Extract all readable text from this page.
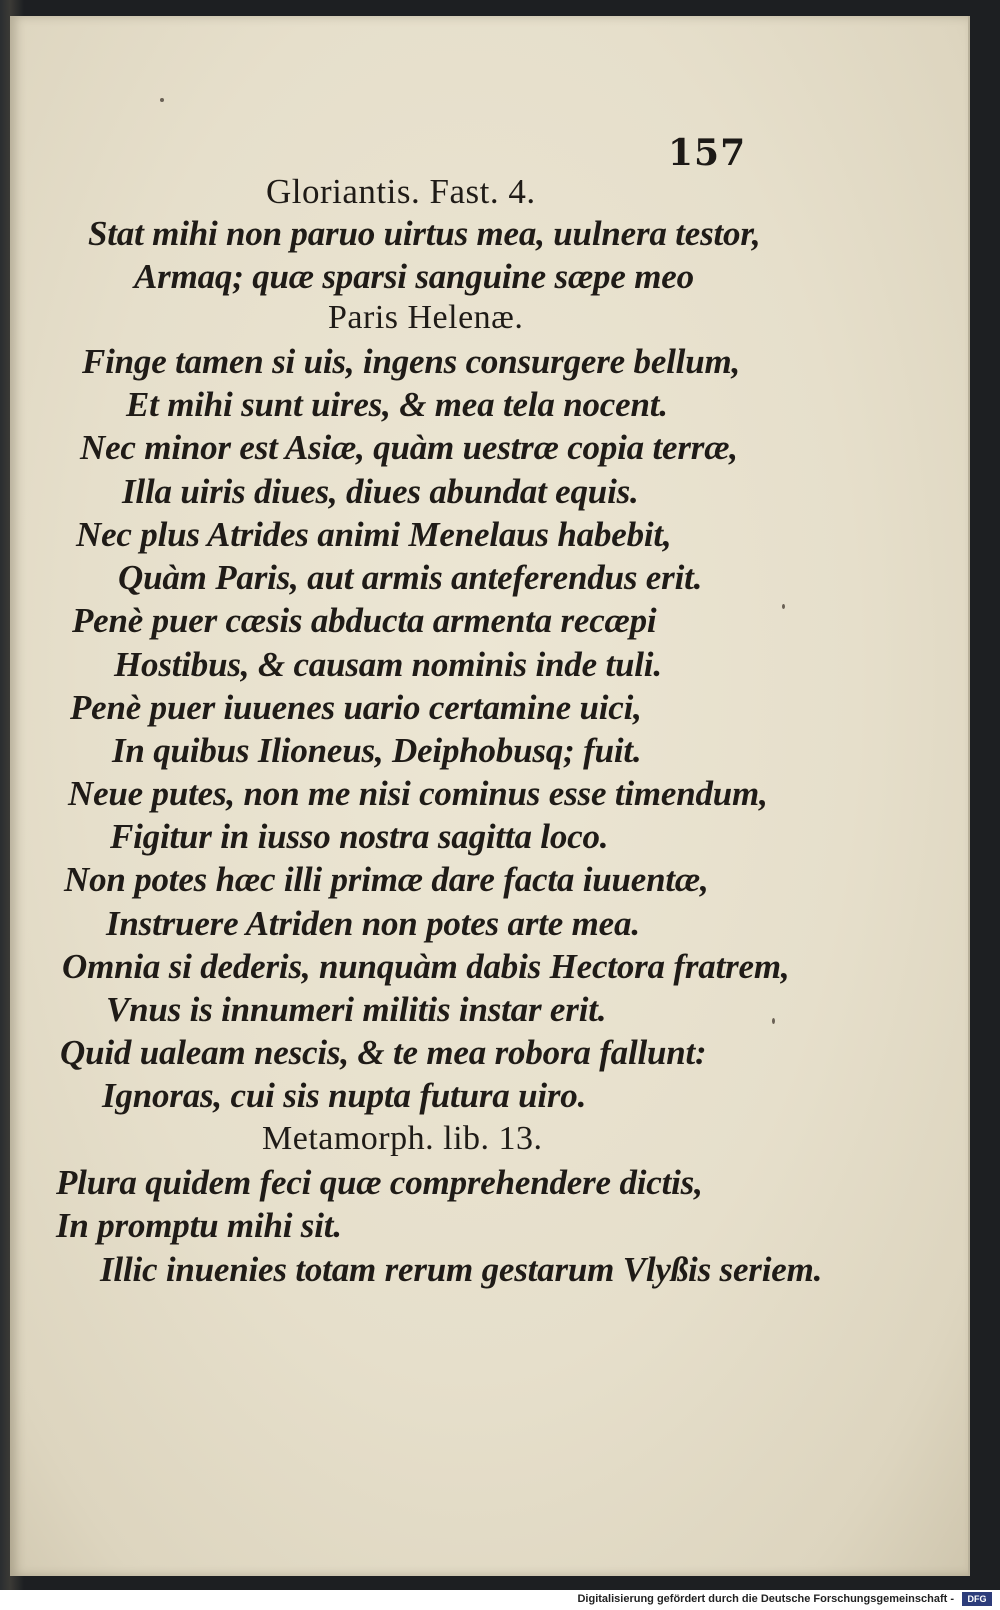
157
Gloriantis. Fast. 4.
Stat mihi non paruo uirtus mea, uulnera testor,
Armaq; quæ sparsi sanguine sæpe meo
Paris Helenæ.
Finge tamen si uis, ingens consurgere bellum,
Et mihi sunt uires, & mea tela nocent.
Nec minor est Asiæ, quàm uestræ copia terræ,
Illa uiris diues, diues abundat equis.
Nec plus Atrides animi Menelaus habebit,
Quàm Paris, aut armis anteferendus erit.
Penè puer cæsis abducta armenta recæpi
Hostibus, & causam nominis inde tuli.
Penè puer iuuenes uario certamine uici,
In quibus Ilioneus, Deiphobusq; fuit.
Neue putes, non me nisi cominus esse timendum,
Figitur in iusso nostra sagitta loco.
Non potes hæc illi primæ dare facta iuuentæ,
Instruere Atriden non potes arte mea.
Omnia si dederis, nunquàm dabis Hectora fratrem,
Vnus is innumeri militis instar erit.
Quid ualeam nescis, & te mea robora fallunt:
Ignoras, cui sis nupta futura uiro.
Metamorph. lib. 13.
Plura quidem feci quæ comprehendere dictis,
In promptu mihi sit.
Illic inuenies totam rerum gestarum Vlyßis seriem.
Digitalisierung gefördert durch die Deutsche Forschungsgemeinschaft -	DFG
